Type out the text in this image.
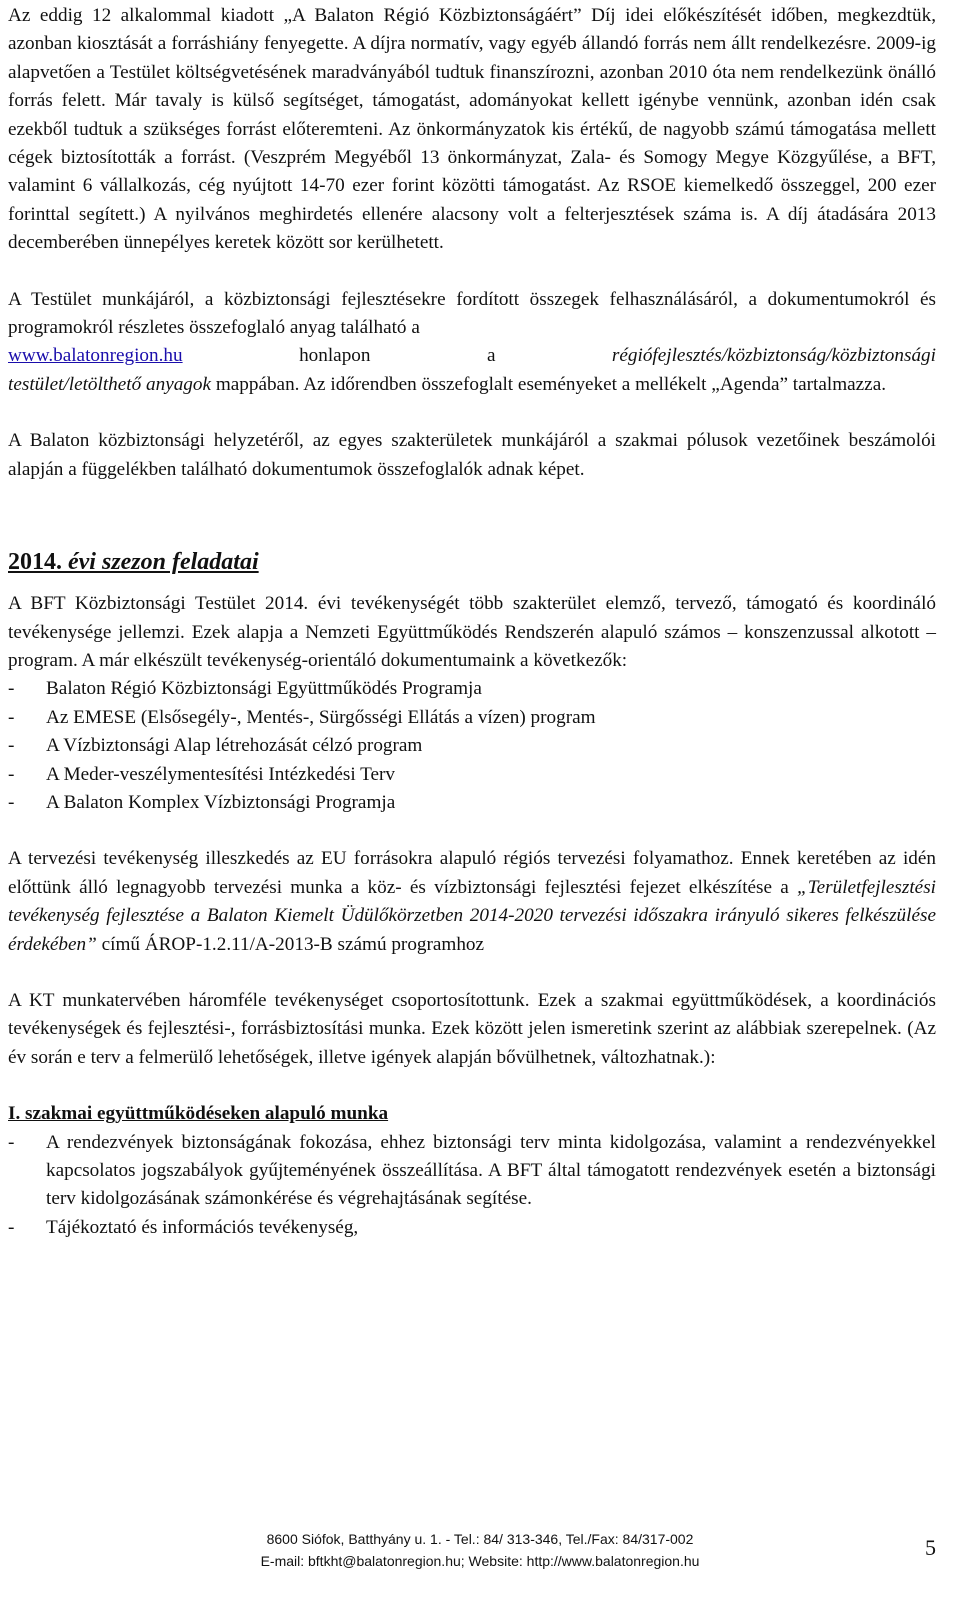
Az eddig 12 alkalommal kiadott „A Balaton Régió Közbiztonságáért” Díj idei előkészítését időben, megkezdtük, azonban kiosztását a forráshiány fenyegette. A díjra normatív, vagy egyéb állandó forrás nem állt rendelkezésre. 2009-ig alapvetően a Testület költségvetésének maradványából tudtuk finanszírozni, azonban 2010 óta nem rendelkezünk önálló forrás felett. Már tavaly is külső segítséget, támogatást, adományokat kellett igénybe vennünk, azonban idén csak ezekből tudtuk a szükséges forrást előteremteni. Az önkormányzatok kis értékű, de nagyobb számú támogatása mellett cégek biztosították a forrást. (Veszprém Megyéből 13 önkormányzat, Zala- és Somogy Megye Közgyűlése, a BFT, valamint 6 vállalkozás, cég nyújtott 14-70 ezer forint közötti támogatást. Az RSOE kiemelkedő összeggel, 200 ezer forinttal segített.) A nyilvános meghirdetés ellenére alacsony volt a felterjesztések száma is. A díj átadására 2013 decemberében ünnepélyes keretek között sor kerülhetett.

A Testület munkájáról, a közbiztonsági fejlesztésekre fordított összegek felhasználásáról, a dokumentumokról és programokról részletes összefoglaló anyag található a

www.balatonregion.hu	honlapon	a	régiófejlesztés/közbiztonság/közbiztonsági

testület/letölthető anyagok mappában. Az időrendben összefoglalt eseményeket a mellékelt „Agenda” tartalmazza.

A Balaton közbiztonsági helyzetéről, az egyes szakterületek munkájáról a szakmai pólusok vezetőinek beszámolói alapján a függelékben található dokumentumok összefoglalók adnak képet.

2014. évi szezon feladatai

A BFT Közbiztonsági Testület 2014. évi tevékenységét több szakterület elemző, tervező, támogató és koordináló tevékenysége jellemzi. Ezek alapja a Nemzeti Együttműködés Rendszerén alapuló számos – konszenzussal alkotott – program. A már elkészült tevékenység-orientáló dokumentumaink a következők:

- Balaton Régió Közbiztonsági Együttműködés Programja
- Az EMESE (Elsősegély-, Mentés-, Sürgősségi Ellátás a vízen) program
- A Vízbiztonsági Alap létrehozását célzó program
- A Meder-veszélymentesítési Intézkedési Terv
- A Balaton Komplex Vízbiztonsági Programja

A tervezési tevékenység illeszkedés az EU forrásokra alapuló régiós tervezési folyamathoz. Ennek keretében az idén előttünk álló legnagyobb tervezési munka a köz- és vízbiztonsági fejlesztési fejezet elkészítése a „Területfejlesztési tevékenység fejlesztése a Balaton Kiemelt Üdülőkörzetben 2014-2020 tervezési időszakra irányuló sikeres felkészülése érdekében” című ÁROP-1.2.11/A-2013-B számú programhoz

A KT munkatervében háromféle tevékenységet csoportosítottunk. Ezek a szakmai együttműködések, a koordinációs tevékenységek és fejlesztési-, forrásbiztosítási munka. Ezek között jelen ismeretink szerint az alábbiak szerepelnek. (Az év során e terv a felmerülő lehetőségek, illetve igények alapján bővülhetnek, változhatnak.):

I. szakmai együttműködéseken alapuló munka

- A rendezvények biztonságának fokozása, ehhez biztonsági terv minta kidolgozása, valamint a rendezvényekkel kapcsolatos jogszabályok gyűjteményének összeállítása. A BFT által támogatott rendezvények esetén a biztonsági terv kidolgozásának számonkérése és végrehajtásának segítése.
- Tájékoztató és információs tevékenység,
8600 Siófok, Batthyány u. 1. - Tel.: 84/ 313-346, Tel./Fax: 84/317-002
E-mail: bftkht@balatonregion.hu; Website: http://www.balatonregion.hu
5
